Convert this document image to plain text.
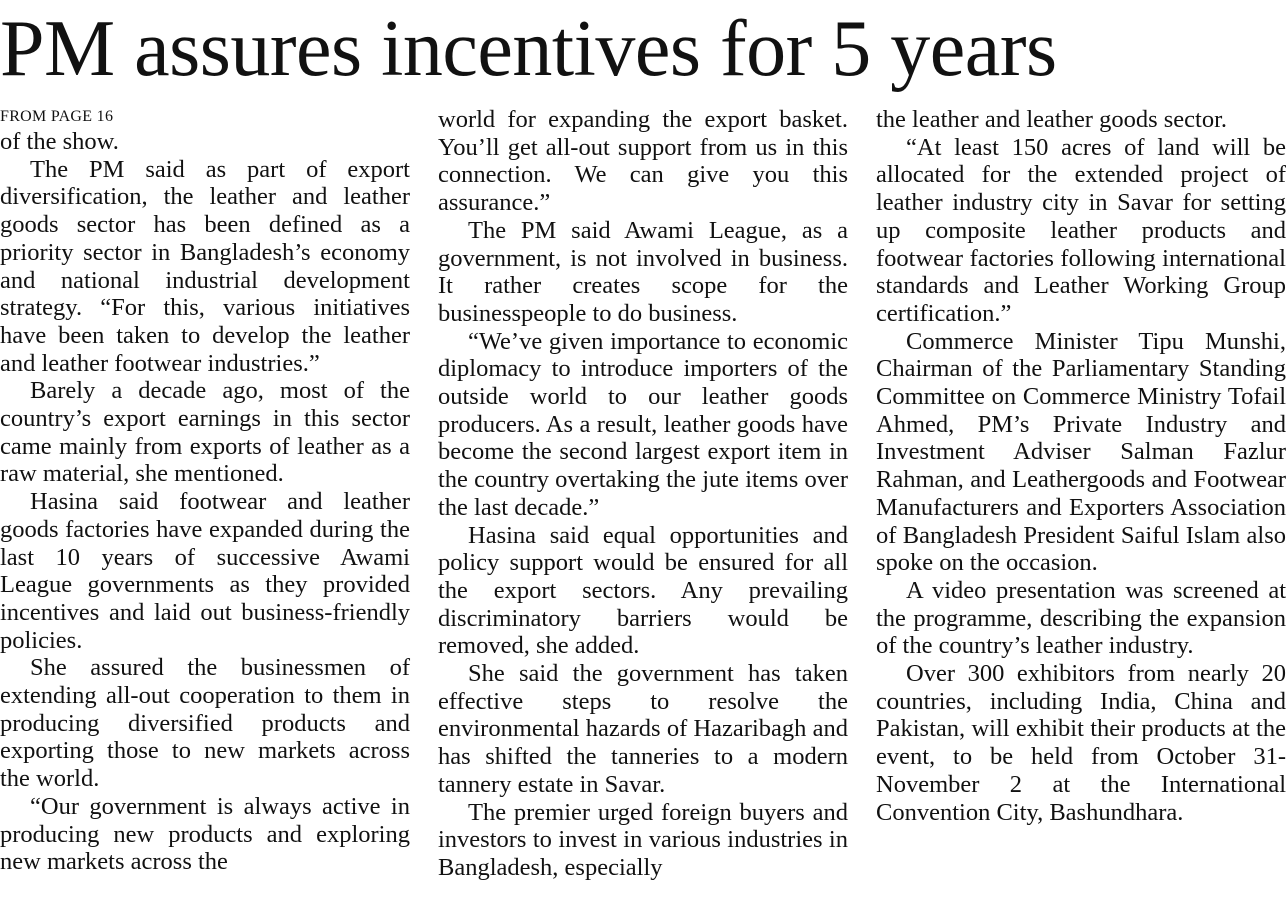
PM assures incentives for 5 years
FROM PAGE 16

of the show.

The PM said as part of export diversification, the leather and leather goods sector has been defined as a priority sector in Bangladesh’s economy and national industrial development strategy. “For this, various initiatives have been taken to develop the leather and leather footwear industries.”

Barely a decade ago, most of the country’s export earnings in this sector came mainly from exports of leather as a raw material, she mentioned.

Hasina said footwear and leather goods factories have expanded during the last 10 years of successive Awami League governments as they provided incentives and laid out business-friendly policies.

She assured the businessmen of extending all-out cooperation to them in producing diversified products and exporting those to new markets across the world.

“Our government is always active in producing new products and exploring new markets across the

world for expanding the export basket. You’ll get all-out support from us in this connection. We can give you this assurance.”

The PM said Awami League, as a government, is not involved in business. It rather creates scope for the businesspeople to do business.

“We’ve given importance to economic diplomacy to introduce importers of the outside world to our leather goods producers. As a result, leather goods have become the second largest export item in the country overtaking the jute items over the last decade.”

Hasina said equal opportunities and policy support would be ensured for all the export sectors. Any prevailing discriminatory barriers would be removed, she added.

She said the government has taken effective steps to resolve the environmental hazards of Hazaribagh and has shifted the tanneries to a modern tannery estate in Savar.

The premier urged foreign buyers and investors to invest in various industries in Bangladesh, especially

the leather and leather goods sector.

“At least 150 acres of land will be allocated for the extended project of leather industry city in Savar for setting up composite leather products and footwear factories following international standards and Leather Working Group certification.”

Commerce Minister Tipu Munshi, Chairman of the Parliamentary Standing Committee on Commerce Ministry Tofail Ahmed, PM’s Private Industry and Investment Adviser Salman Fazlur Rahman, and Leathergoods and Footwear Manufacturers and Exporters Association of Bangladesh President Saiful Islam also spoke on the occasion.

A video presentation was screened at the programme, describing the expansion of the country’s leather industry.

Over 300 exhibitors from nearly 20 countries, including India, China and Pakistan, will exhibit their products at the event, to be held from October 31-November 2 at the International Convention City, Bashundhara.
